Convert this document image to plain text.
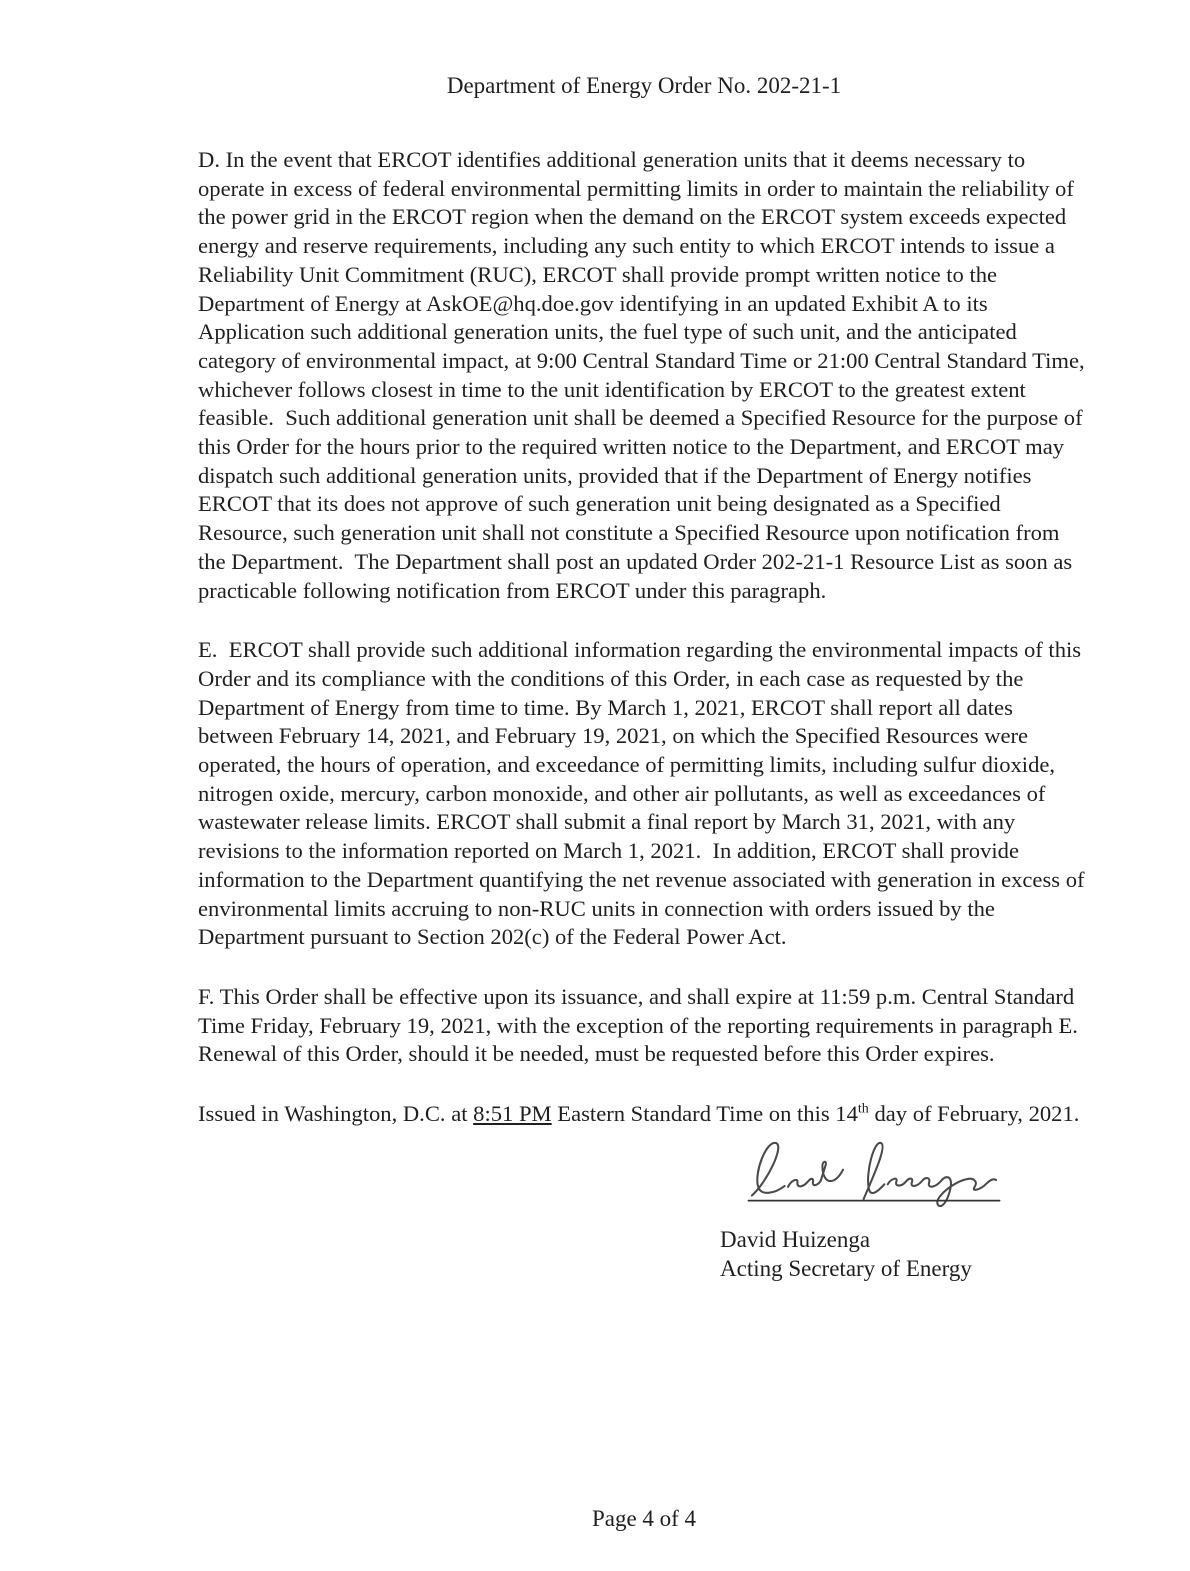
Department of Energy Order No. 202-21-1

D. In the event that ERCOT identifies additional generation units that it deems necessary to operate in excess of federal environmental permitting limits in order to maintain the reliability of the power grid in the ERCOT region when the demand on the ERCOT system exceeds expected energy and reserve requirements, including any such entity to which ERCOT intends to issue a Reliability Unit Commitment (RUC), ERCOT shall provide prompt written notice to the Department of Energy at AskOE@hq.doe.gov identifying in an updated Exhibit A to its Application such additional generation units, the fuel type of such unit, and the anticipated category of environmental impact, at 9:00 Central Standard Time or 21:00 Central Standard Time, whichever follows closest in time to the unit identification by ERCOT to the greatest extent feasible.  Such additional generation unit shall be deemed a Specified Resource for the purpose of this Order for the hours prior to the required written notice to the Department, and ERCOT may dispatch such additional generation units, provided that if the Department of Energy notifies ERCOT that its does not approve of such generation unit being designated as a Specified Resource, such generation unit shall not constitute a Specified Resource upon notification from the Department.  The Department shall post an updated Order 202-21-1 Resource List as soon as practicable following notification from ERCOT under this paragraph.

E.  ERCOT shall provide such additional information regarding the environmental impacts of this Order and its compliance with the conditions of this Order, in each case as requested by the Department of Energy from time to time. By March 1, 2021, ERCOT shall report all dates between February 14, 2021, and February 19, 2021, on which the Specified Resources were operated, the hours of operation, and exceedance of permitting limits, including sulfur dioxide, nitrogen oxide, mercury, carbon monoxide, and other air pollutants, as well as exceedances of wastewater release limits. ERCOT shall submit a final report by March 31, 2021, with any revisions to the information reported on March 1, 2021.  In addition, ERCOT shall provide information to the Department quantifying the net revenue associated with generation in excess of environmental limits accruing to non-RUC units in connection with orders issued by the Department pursuant to Section 202(c) of the Federal Power Act.

F. This Order shall be effective upon its issuance, and shall expire at 11:59 p.m. Central Standard Time Friday, February 19, 2021, with the exception of the reporting requirements in paragraph E. Renewal of this Order, should it be needed, must be requested before this Order expires.

Issued in Washington, D.C. at 8:51 PM Eastern Standard Time on this 14th day of February, 2021.

David Huizenga
Acting Secretary of Energy
Page 4 of 4
